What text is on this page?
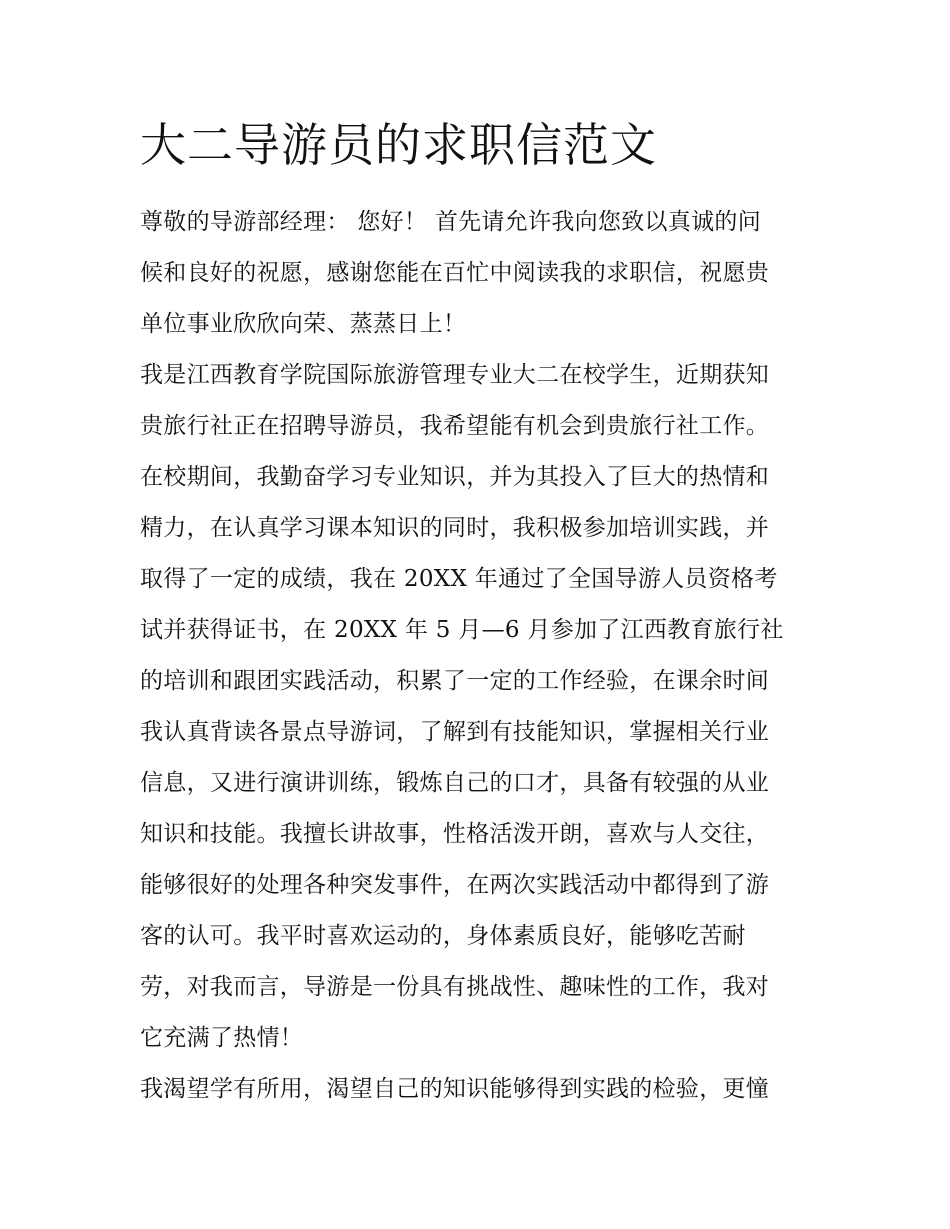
大二导游员的求职信范文
尊敬的导游部经理： 您好！ 首先请允许我向您致以真诚的问
候和良好的祝愿，感谢您能在百忙中阅读我的求职信，祝愿贵
单位事业欣欣向荣、蒸蒸日上！
我是江西教育学院国际旅游管理专业大二在校学生，近期获知
贵旅行社正在招聘导游员，我希望能有机会到贵旅行社工作。
在校期间，我勤奋学习专业知识，并为其投入了巨大的热情和
精力，在认真学习课本知识的同时，我积极参加培训实践，并
取得了一定的成绩，我在 20XX 年通过了全国导游人员资格考
试并获得证书，在 20XX 年 5 月—6 月参加了江西教育旅行社
的培训和跟团实践活动，积累了一定的工作经验，在课余时间
我认真背读各景点导游词，了解到有技能知识，掌握相关行业
信息，又进行演讲训练，锻炼自己的口才，具备有较强的从业
知识和技能。我擅长讲故事，性格活泼开朗，喜欢与人交往，
能够很好的处理各种突发事件，在两次实践活动中都得到了游
客的认可。我平时喜欢运动的，身体素质良好，能够吃苦耐
劳，对我而言，导游是一份具有挑战性、趣味性的工作，我对
它充满了热情！
我渴望学有所用，渴望自己的知识能够得到实践的检验，更憧
